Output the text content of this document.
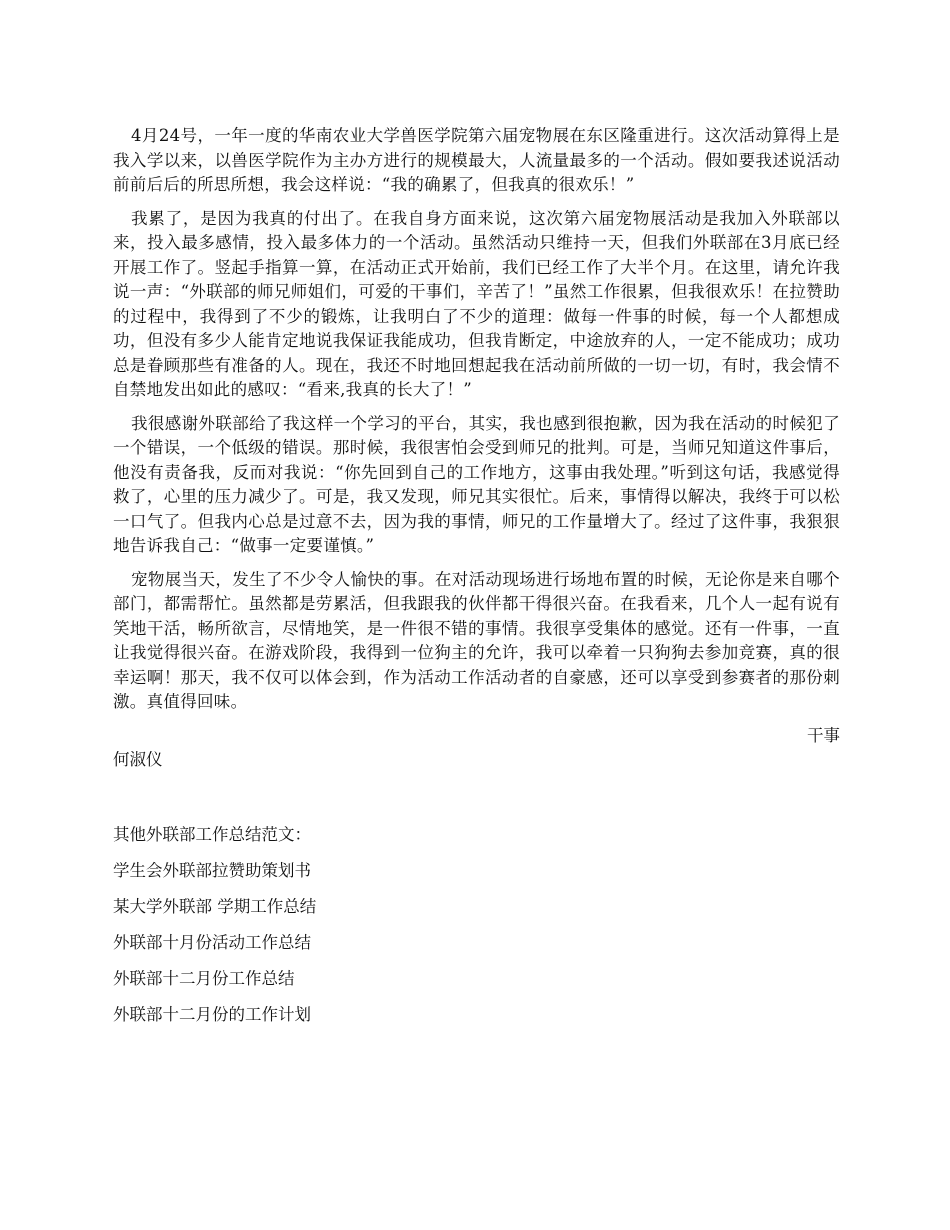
4月24号，一年一度的华南农业大学兽医学院第六届宠物展在东区隆重进行。这次活动算得上是我入学以来，以兽医学院作为主办方进行的规模最大，人流量最多的一个活动。假如要我述说活动前前后后的所思所想，我会这样说：“我的确累了，但我真的很欢乐！”

我累了，是因为我真的付出了。在我自身方面来说，这次第六届宠物展活动是我加入外联部以来，投入最多感情，投入最多体力的一个活动。虽然活动只维持一天，但我们外联部在3月底已经开展工作了。竖起手指算一算，在活动正式开始前，我们已经工作了大半个月。在这里，请允许我说一声：“外联部的师兄师姐们，可爱的干事们，辛苦了！”虽然工作很累，但我很欢乐！在拉赞助的过程中，我得到了不少的锻炼，让我明白了不少的道理：做每一件事的时候，每一个人都想成功，但没有多少人能肯定地说我保证我能成功，但我肯断定，中途放弃的人，一定不能成功；成功总是眷顾那些有准备的人。现在，我还不时地回想起我在活动前所做的一切一切，有时，我会情不自禁地发出如此的感叹：“看来,我真的长大了！”

我很感谢外联部给了我这样一个学习的平台，其实，我也感到很抱歉，因为我在活动的时候犯了一个错误，一个低级的错误。那时候，我很害怕会受到师兄的批判。可是，当师兄知道这件事后，他没有责备我，反而对我说：“你先回到自己的工作地方，这事由我处理。”听到这句话，我感觉得救了，心里的压力减少了。可是，我又发现，师兄其实很忙。后来，事情得以解决，我终于可以松一口气了。但我内心总是过意不去，因为我的事情，师兄的工作量增大了。经过了这件事，我狠狠地告诉我自己：“做事一定要谨慎。”

宠物展当天，发生了不少令人愉快的事。在对活动现场进行场地布置的时候，无论你是来自哪个部门，都需帮忙。虽然都是劳累活，但我跟我的伙伴都干得很兴奋。在我看来，几个人一起有说有笑地干活，畅所欲言，尽情地笑，是一件很不错的事情。我很享受集体的感觉。还有一件事，一直让我觉得很兴奋。在游戏阶段，我得到一位狗主的允许，我可以牵着一只狗狗去参加竞赛，真的很幸运啊！那天，我不仅可以体会到，作为活动工作活动者的自豪感，还可以享受到参赛者的那份刺激。真值得回味。

干事

何淑仪

其他外联部工作总结范文：

学生会外联部拉赞助策划书

某大学外联部 学期工作总结

外联部十月份活动工作总结

外联部十二月份工作总结

外联部十二月份的工作计划
